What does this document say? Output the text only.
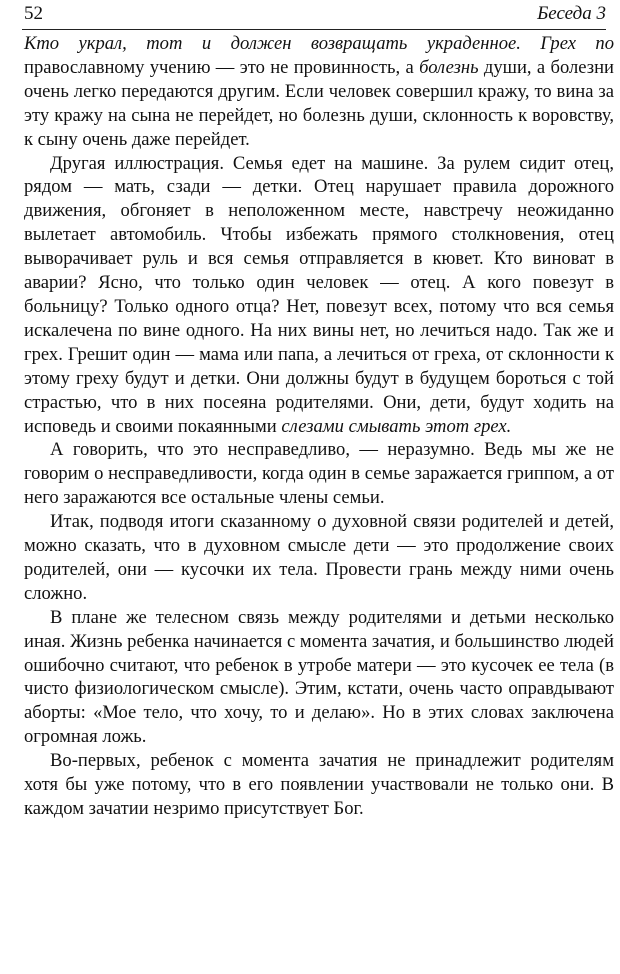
52	Беседа 3

Кто украл, тот и должен возвращать украденное. Грех по православному учению — это не провинность, а болезнь души, а болезни очень легко передаются другим. Если человек совершил кражу, то вина за эту кражу на сына не перейдет, но болезнь души, склонность к воровству, к сыну очень даже перейдет.

Другая иллюстрация. Семья едет на машине. За рулем сидит отец, рядом — мать, сзади — детки. Отец нарушает правила дорожного движения, обгоняет в неположенном месте, навстречу неожиданно вылетает автомобиль. Чтобы избежать прямого столкновения, отец выворачивает руль и вся семья отправляется в кювет. Кто виноват в аварии? Ясно, что только один человек — отец. А кого повезут в больницу? Только одного отца? Нет, повезут всех, потому что вся семья искалечена по вине одного. На них вины нет, но лечиться надо. Так же и грех. Грешит один — мама или папа, а лечиться от греха, от склонности к этому греху будут и детки. Они должны будут в будущем бороться с той страстью, что в них посеяна родителями. Они, дети, будут ходить на исповедь и своими покаянными слезами смывать этот грех.

А говорить, что это несправедливо, — неразумно. Ведь мы же не говорим о несправедливости, когда один в семье заражается гриппом, а от него заражаются все остальные члены семьи.

Итак, подводя итоги сказанному о духовной связи родителей и детей, можно сказать, что в духовном смысле дети — это продолжение своих родителей, они — кусочки их тела. Провести грань между ними очень сложно.

В плане же телесном связь между родителями и детьми несколько иная. Жизнь ребенка начинается с момента зачатия, и большинство людей ошибочно считают, что ребенок в утробе матери — это кусочек ее тела (в чисто физиологическом смысле). Этим, кстати, очень часто оправдывают аборты: «Мое тело, что хочу, то и делаю». Но в этих словах заключена огромная ложь.

Во-первых, ребенок с момента зачатия не принадлежит родителям хотя бы уже потому, что в его появлении участвовали не только они. В каждом зачатии незримо присутствует Бог.
